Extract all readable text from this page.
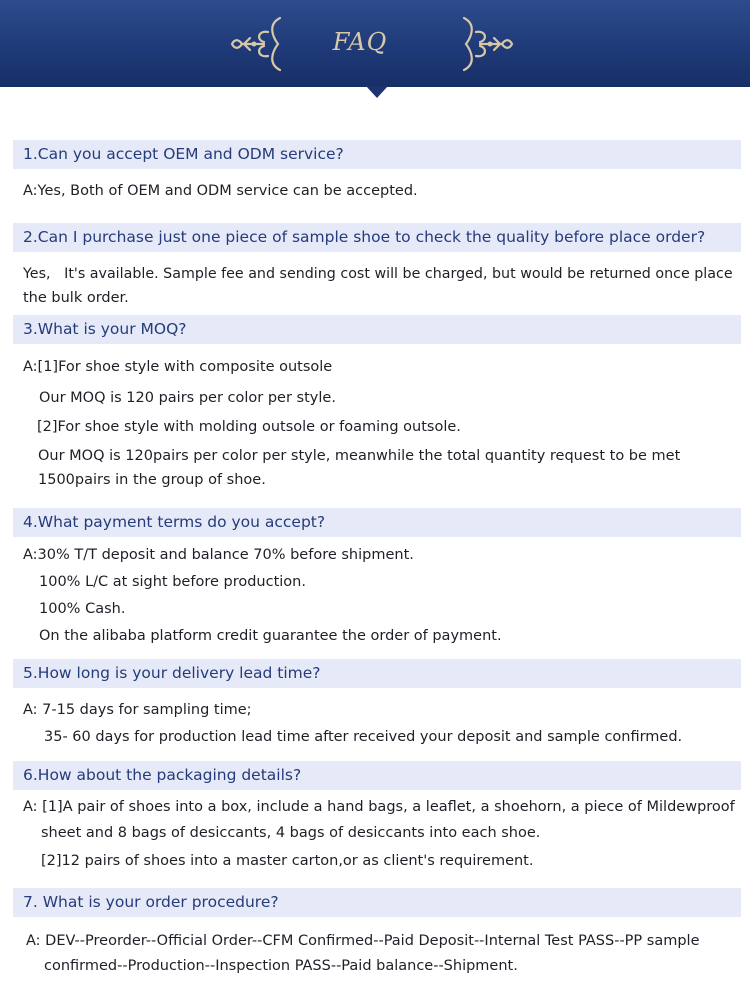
FAQ
1.Can you accept OEM and ODM service?
A:Yes, Both of OEM and ODM service can be accepted.
2.Can I purchase just one piece of sample shoe to check the quality before place order?
Yes,   It's available. Sample fee and sending cost will be charged, but would be returned once place
the bulk order.
3.What is your MOQ?
A:[1]For shoe style with composite outsole
Our MOQ is 120 pairs per color per style.
[2]For shoe style with molding outsole or foaming outsole.
Our MOQ is 120pairs per color per style, meanwhile the total quantity request to be met
1500pairs in the group of shoe.
4.What payment terms do you accept?
A:30% T/T deposit and balance 70% before shipment.
100% L/C at sight before production.
100% Cash.
On the alibaba platform credit guarantee the order of payment.
5.How long is your delivery lead time?
A: 7-15 days for sampling time;
35- 60 days for production lead time after received your deposit and sample confirmed.
6.How about the packaging details?
A: [1]A pair of shoes into a box, include a hand bags, a leaflet, a shoehorn, a piece of Mildewproof
sheet and 8 bags of desiccants, 4 bags of desiccants into each shoe.
[2]12 pairs of shoes into a master carton,or as client's requirement.
7. What is your order procedure?
A: DEV--Preorder--Official Order--CFM Confirmed--Paid Deposit--Internal Test PASS--PP sample
confirmed--Production--Inspection PASS--Paid balance--Shipment.
